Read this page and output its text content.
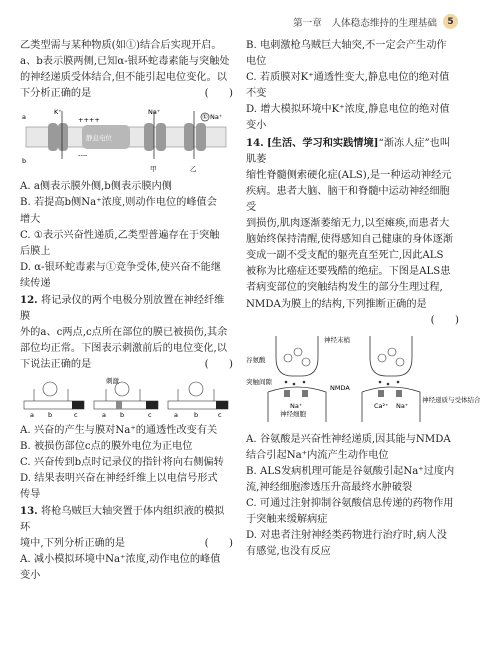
第一章　人体稳态维持的生理基础	5

乙类型需与某种物质(如①)结合后实现开启。

a、b表示膜两侧,已知α-银环蛇毒素能与突触处

的神经递质受体结合,但不能引起电位变化。以

下分析正确的是	(　　)

a
b
K⁺	Na⁺
Na⁺
静息电位
甲	乙
①
++++
----

A. a侧表示膜外侧,b侧表示膜内侧

B. 若提高b侧Na⁺浓度,则动作电位的峰值会

增大

C. ①表示兴奋性递质,乙类型普遍存在于突触

后膜上

D. α-银环蛇毒素与①竞争受体,使兴奋不能继

续传递

12. 将记录仪的两个电极分别放置在神经纤维膜

外的a、c两点,c点所在部位的膜已被损伤,其余

部位均正常。下图表示刺激前后的电位变化,以

下说法正确的是	(　　)

a b	c
刺激
a b	c	a b	c

A. 兴奋的产生与膜对Na⁺的通透性改变有关

B. 被损伤部位c点的膜外电位为正电位

C. 兴奋传到b点时记录仪的指针将向右侧偏转

D. 结果表明兴奋在神经纤维上以电信号形式

传导

13. 将枪乌贼巨大轴突置于体内组织液的模拟环

境中,下列分析正确的是	(　　)

A. 减小模拟环境中Na⁺浓度,动作电位的峰值

变小

B. 电刺激枪乌贼巨大轴突,不一定会产生动作

电位

C. 若质膜对K⁺通透性变大,静息电位的绝对值

不变

D. 增大模拟环境中K⁺浓度,静息电位的绝对值

变小

14. [生活、学习和实践情境]“渐冻人症”也叫肌萎

缩性脊髓侧索硬化症(ALS),是一种运动神经元

疾病。患者大脑、脑干和脊髓中运动神经细胞受

到损伤,肌肉逐渐萎缩无力,以至瘫痪,而患者大

脑始终保持清醒,使得感知自己健康的身体逐渐

变成一副不受支配的躯壳直至死亡,因此ALS

被称为比癌症还要残酷的绝症。下图是ALS患

者病变部位的突触结构发生的部分生理过程,

NMDA为膜上的结构,下列推断正确的是

(　　)

神经末梢
谷氨酸
突触间隙
NMDA
神经细胞
神经递质与受体结合
Na⁺	Ca²⁺ Na⁺

A. 谷氨酸是兴奋性神经递质,因其能与NMDA

结合引起Na⁺内流产生动作电位

B. ALS发病机理可能是谷氨酸引起Na⁺过度内

流,神经细胞渗透压升高最终水肿破裂

C. 可通过注射抑制谷氨酸信息传递的药物作用

于突触来缓解病症

D. 对患者注射神经类药物进行治疗时,病人没

有感觉,也没有反应
